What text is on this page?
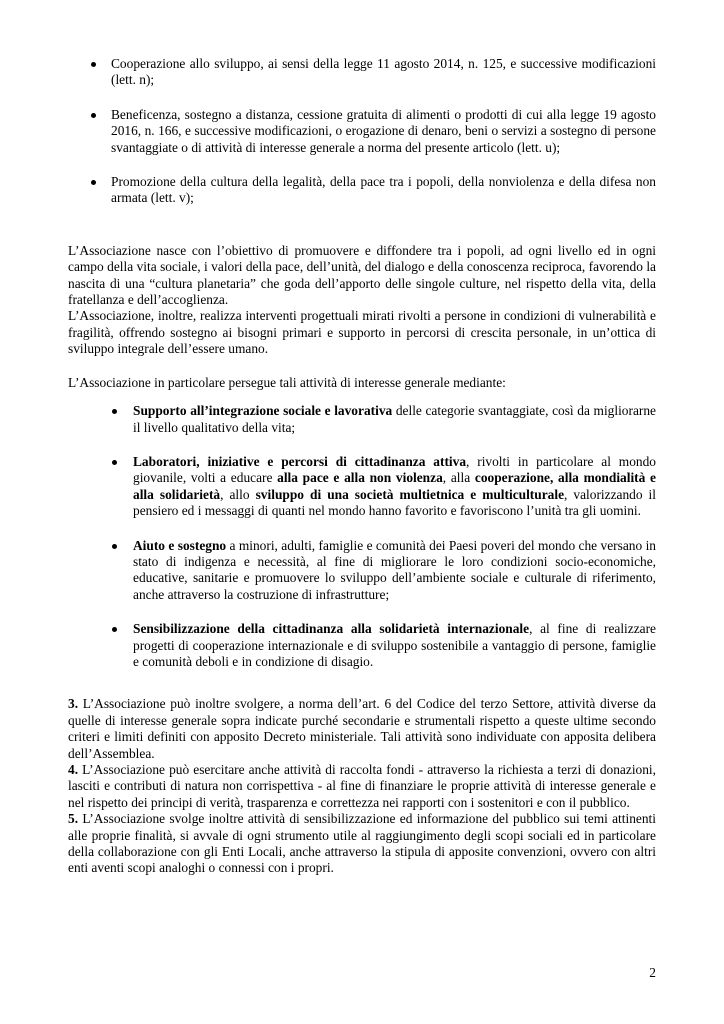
Cooperazione allo sviluppo, ai sensi della legge 11 agosto 2014, n. 125, e successive modificazioni (lett. n);
Beneficenza, sostegno a distanza, cessione gratuita di alimenti o prodotti di cui alla legge 19 agosto 2016, n. 166, e successive modificazioni, o erogazione di denaro, beni o servizi a sostegno di persone svantaggiate o di attività di interesse generale a norma del presente articolo (lett. u);
Promozione della cultura della legalità, della pace tra i popoli, della nonviolenza e della difesa non armata (lett. v);

L’Associazione nasce con l’obiettivo di promuovere e diffondere tra i popoli, ad ogni livello ed in ogni campo della vita sociale, i valori della pace, dell’unità, del dialogo e della conoscenza reciproca, favorendo la nascita di una “cultura planetaria” che goda dell’apporto delle singole culture, nel rispetto della vita, della fratellanza e dell’accoglienza.

L’Associazione, inoltre, realizza interventi progettuali mirati rivolti a persone in condizioni di vulnerabilità e fragilità, offrendo sostegno ai bisogni primari e supporto in percorsi di crescita personale, in un’ottica di sviluppo integrale dell’essere umano.

L’Associazione in particolare persegue tali attività di interesse generale mediante:

Supporto all’integrazione sociale e lavorativa delle categorie svantaggiate, così da migliorarne il livello qualitativo della vita;
Laboratori, iniziative e percorsi di cittadinanza attiva, rivolti in particolare al mondo giovanile, volti a educare alla pace e alla non violenza, alla cooperazione, alla mondialità e alla solidarietà, allo sviluppo di una società multietnica e multiculturale, valorizzando il pensiero ed i messaggi di quanti nel mondo hanno favorito e favoriscono l’unità tra gli uomini.
Aiuto e sostegno a minori, adulti, famiglie e comunità dei Paesi poveri del mondo che versano in stato di indigenza e necessità, al fine di migliorare le loro condizioni socio-economiche, educative, sanitarie e promuovere lo sviluppo dell’ambiente sociale e culturale di riferimento, anche attraverso la costruzione di infrastrutture;
Sensibilizzazione della cittadinanza alla solidarietà internazionale, al fine di realizzare progetti di cooperazione internazionale e di sviluppo sostenibile a vantaggio di persone, famiglie e comunità deboli e in condizione di disagio.

3. L’Associazione può inoltre svolgere, a norma dell’art. 6 del Codice del terzo Settore, attività diverse da quelle di interesse generale sopra indicate purché secondarie e strumentali rispetto a queste ultime secondo criteri e limiti definiti con apposito Decreto ministeriale. Tali attività sono individuate con apposita delibera dell’Assemblea.

4. L’Associazione può esercitare anche attività di raccolta fondi - attraverso la richiesta a terzi di donazioni, lasciti e contributi di natura non corrispettiva - al fine di finanziare le proprie attività di interesse generale e nel rispetto dei principi di verità, trasparenza e correttezza nei rapporti con i sostenitori e con il pubblico.

5. L’Associazione svolge inoltre attività di sensibilizzazione ed informazione del pubblico sui temi attinenti alle proprie finalità, si avvale di ogni strumento utile al raggiungimento degli scopi sociali ed in particolare della collaborazione con gli Enti Locali, anche attraverso la stipula di apposite convenzioni, ovvero con altri enti aventi scopi analoghi o connessi con i propri.

2
